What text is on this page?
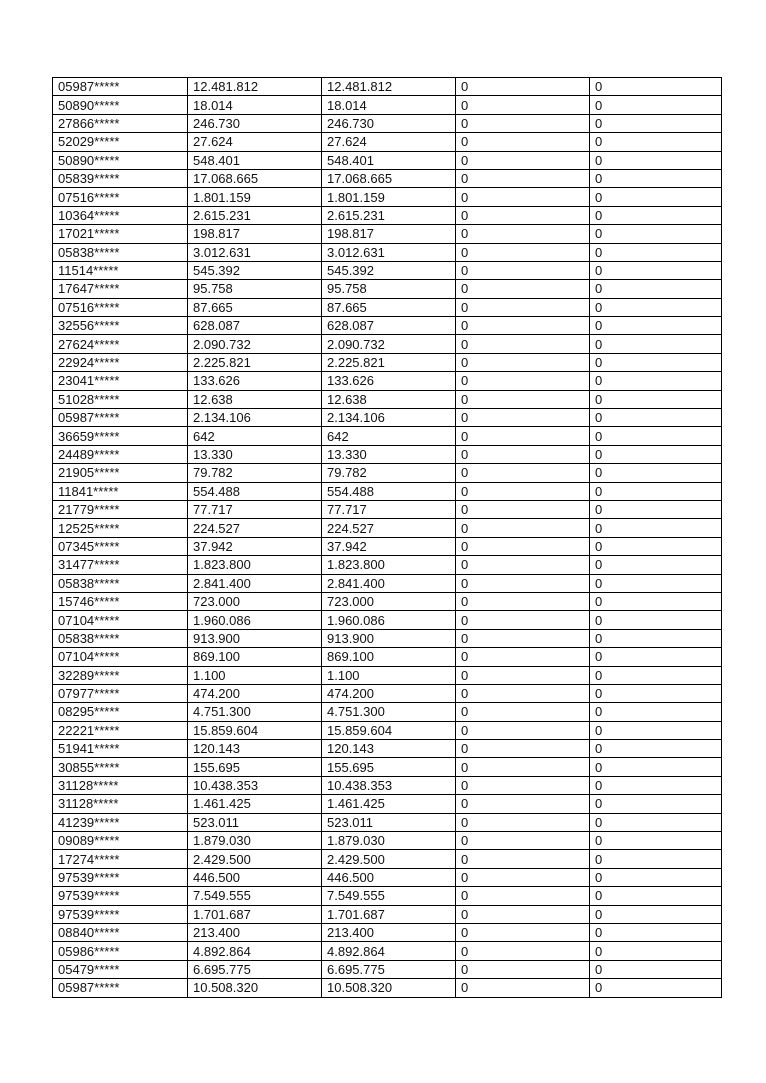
05987*****	12.481.812	12.481.812	0	0
50890*****	18.014	18.014	0	0
27866*****	246.730	246.730	0	0
52029*****	27.624	27.624	0	0
50890*****	548.401	548.401	0	0
05839*****	17.068.665	17.068.665	0	0
07516*****	1.801.159	1.801.159	0	0
10364*****	2.615.231	2.615.231	0	0
17021*****	198.817	198.817	0	0
05838*****	3.012.631	3.012.631	0	0
11514*****	545.392	545.392	0	0
17647*****	95.758	95.758	0	0
07516*****	87.665	87.665	0	0
32556*****	628.087	628.087	0	0
27624*****	2.090.732	2.090.732	0	0
22924*****	2.225.821	2.225.821	0	0
23041*****	133.626	133.626	0	0
51028*****	12.638	12.638	0	0
05987*****	2.134.106	2.134.106	0	0
36659*****	642	642	0	0
24489*****	13.330	13.330	0	0
21905*****	79.782	79.782	0	0
11841*****	554.488	554.488	0	0
21779*****	77.717	77.717	0	0
12525*****	224.527	224.527	0	0
07345*****	37.942	37.942	0	0
31477*****	1.823.800	1.823.800	0	0
05838*****	2.841.400	2.841.400	0	0
15746*****	723.000	723.000	0	0
07104*****	1.960.086	1.960.086	0	0
05838*****	913.900	913.900	0	0
07104*****	869.100	869.100	0	0
32289*****	1.100	1.100	0	0
07977*****	474.200	474.200	0	0
08295*****	4.751.300	4.751.300	0	0
22221*****	15.859.604	15.859.604	0	0
51941*****	120.143	120.143	0	0
30855*****	155.695	155.695	0	0
31128*****	10.438.353	10.438.353	0	0
31128*****	1.461.425	1.461.425	0	0
41239*****	523.011	523.011	0	0
09089*****	1.879.030	1.879.030	0	0
17274*****	2.429.500	2.429.500	0	0
97539*****	446.500	446.500	0	0
97539*****	7.549.555	7.549.555	0	0
97539*****	1.701.687	1.701.687	0	0
08840*****	213.400	213.400	0	0
05986*****	4.892.864	4.892.864	0	0
05479*****	6.695.775	6.695.775	0	0
05987*****	10.508.320	10.508.320	0	0
